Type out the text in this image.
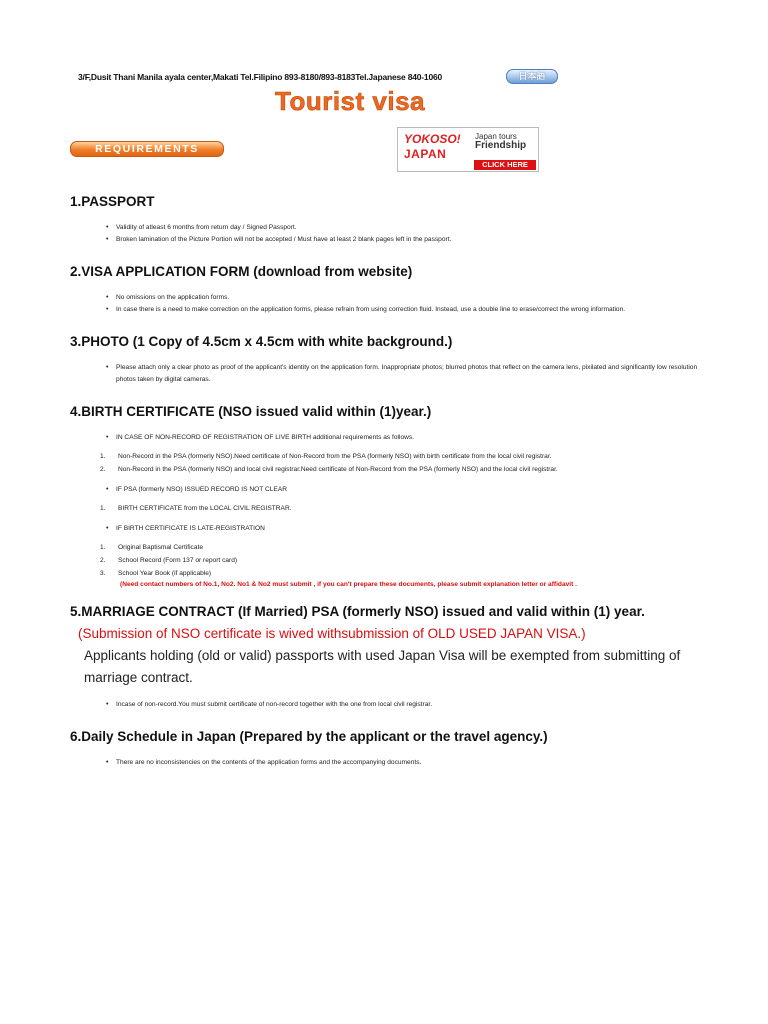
3/F,Dusit Thani Manila ayala center,Makati Tel.Filipino 893-8180/893-8183Tel.Japanese 840-1060	日本語
Tourist visa
REQUIREMENTS
YOKOSO!
JAPAN
Japan tours
Friendship
CLICK HERE
1.PASSPORT
• Validity of atleast 6 months from return day / Signed Passport.
• Broken lamination of the Picture Portion will not be accepted / Must have at least 2 blank pages left in the passport.
2.VISA APPLICATION FORM (download from website)
• No omissions on the application forms.
• In case there is a need to make correction on the application forms, please refrain from using correction fluid. Instead, use a double line to erase/correct the wrong information.
3.PHOTO (1 Copy of 4.5cm x 4.5cm with white background.)
• Please attach only a clear photo as proof of the applicant's identity on the application form. Inappropriate photos; blurred photos that reflect on the camera lens, pixilated and significantly low resolution photos taken by digital cameras.
4.BIRTH CERTIFICATE (NSO issued valid within (1)year.)
• IN CASE OF NON-RECORD OF REGISTRATION OF LIVE BIRTH additional requirements as follows.
1. Non-Record in the PSA (formerly NSO).Need certificate of Non-Record from the PSA (formerly NSO) with birth certificate from the local civil registrar.
2. Non-Record in the PSA (formerly NSO) and local civil registrar.Need certificate of Non-Record from the PSA (formerly NSO) and the local civil registrar.
• IF PSA (formerly NSO) ISSUED RECORD IS NOT CLEAR
1. BIRTH CERTIFICATE from the LOCAL CIVIL REGISTRAR.
• IF BIRTH CERTIFICATE IS LATE-REGISTRATION
1. Original Baptismal Certificate
2. School Record (Form 137 or report card)
3. School Year Book (if applicable)
(Need contact numbers of No.1, No2. No1 & No2 must submit , if you can't prepare these documents, please submit explanation letter or affidavit .
5.MARRIAGE CONTRACT (If Married) PSA (formerly NSO) issued and valid within (1) year.
(Submission of NSO certificate is wived withsubmission of OLD USED JAPAN VISA.)
Applicants holding (old or valid) passports with used Japan Visa will be exempted from submitting of marriage contract.
• Incase of non-record.You must submit certificate of non-record together with the one from local civil registrar.
6.Daily Schedule in Japan (Prepared by the applicant or the travel agency.)
• There are no inconsistencies on the contents of the application forms and the accompanying documents.
